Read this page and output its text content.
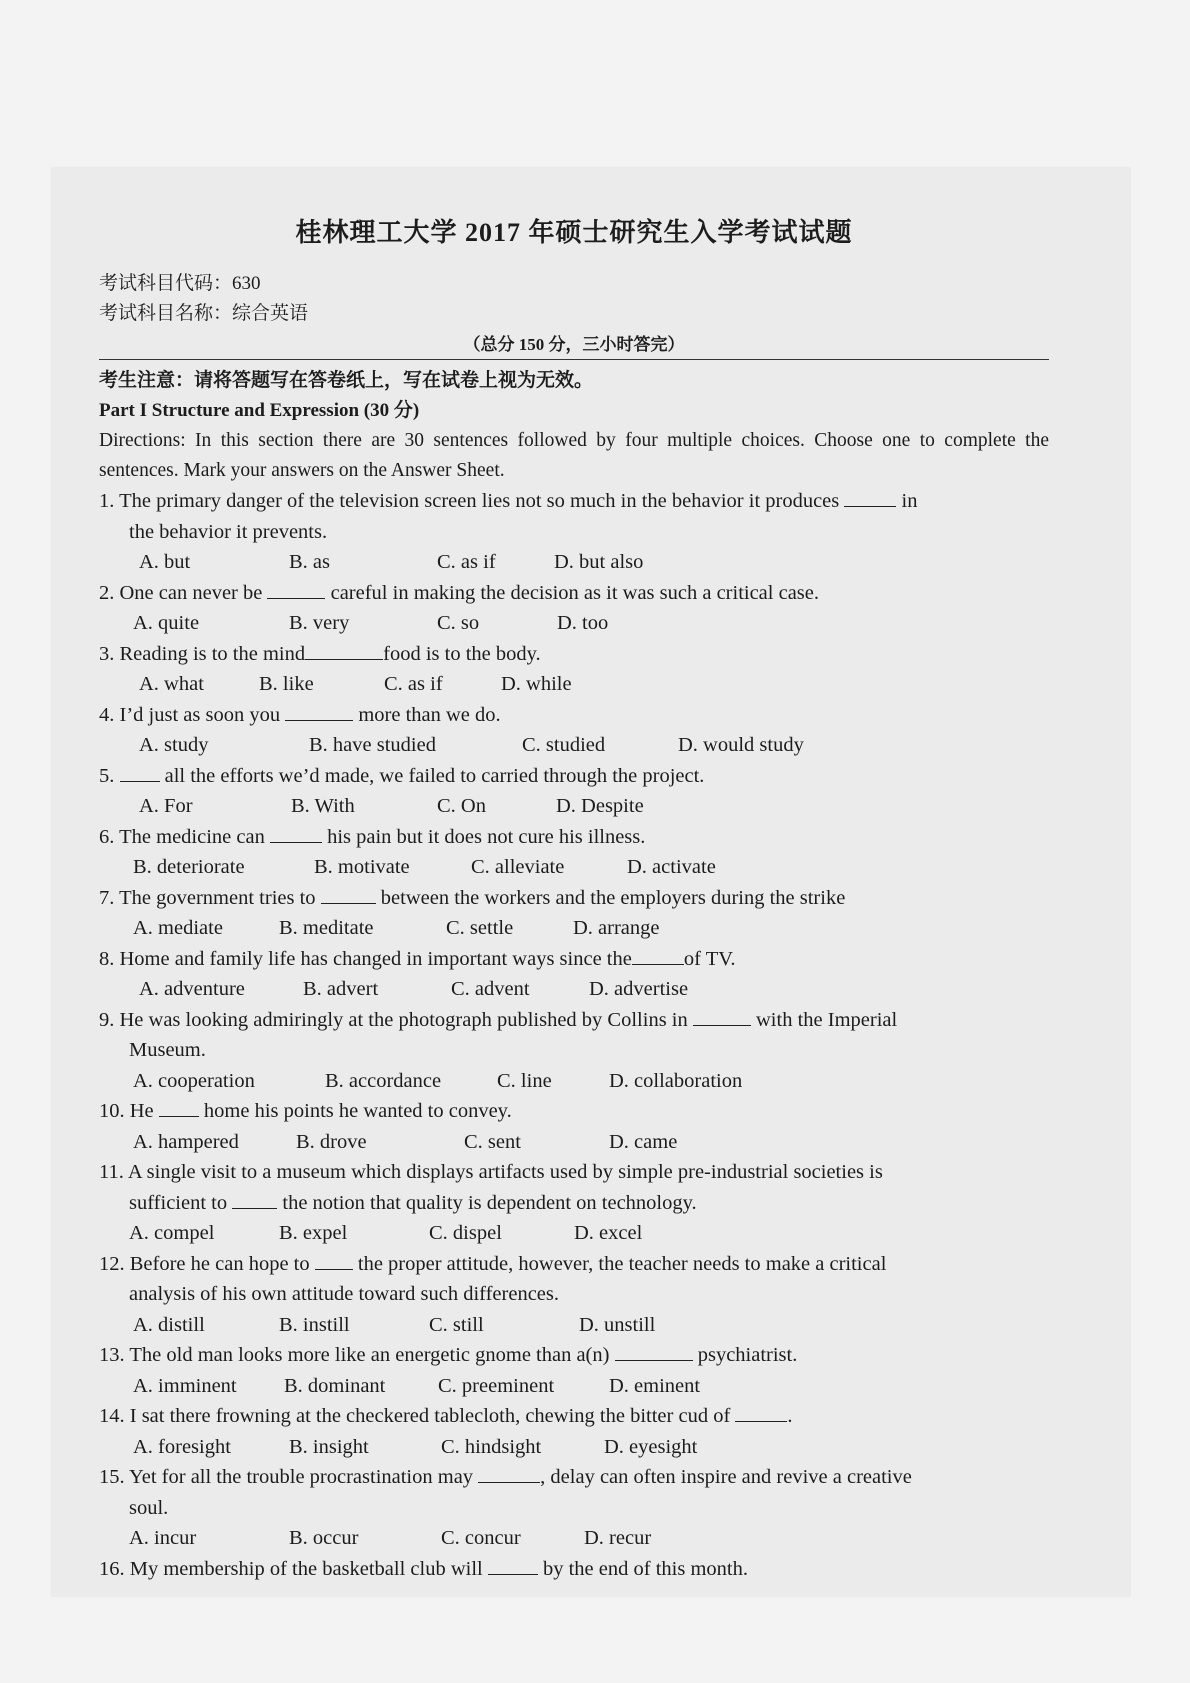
桂林理工大学 2017 年硕士研究生入学考试试题
考试科目代码：630
考试科目名称：综合英语
（总分 150 分，三小时答完）
考生注意：请将答题写在答卷纸上，写在试卷上视为无效。
Part I Structure and Expression (30 分)
Directions: In this section there are 30 sentences followed by four multiple choices. Choose one to complete the sentences. Mark your answers on the Answer Sheet.
1. The primary danger of the television screen lies not so much in the behavior it produces	in
the behavior it prevents.
A. but	B. as	C. as if	D. but also
2. One can never be	careful in making the decision as it was such a critical case.
A. quite	B. very	C. so	D. too
3. Reading is to the mind	food is to the body.
A. what	B. like	C. as if	D. while
4. I’d just as soon you	more than we do.
A. study	B. have studied	C. studied	D. would study
5.  all the efforts we’d made, we failed to carried through the project.
A. For	B. With	C. On	D. Despite
6. The medicine can	his pain but it does not cure his illness.
B. deteriorate	B. motivate	C. alleviate	D. activate
7. The government tries to	between the workers and the employers during the strike
A. mediate	B. meditate	C. settle	D. arrange
8. Home and family life has changed in important ways since the	of TV.
A. adventure	B. advert	C. advent	D. advertise
9. He was looking admiringly at the photograph published by Collins in	with the Imperial
Museum.
A. cooperation	B. accordance	C. line	D. collaboration
10. He  home his points he wanted to convey.
A. hampered	B. drove	C. sent	D. came
11. A single visit to a museum which displays artifacts used by simple pre-industrial societies is
sufficient to  the notion that quality is dependent on technology.
A. compel	B. expel	C. dispel	D. excel
12. Before he can hope to  the proper attitude, however, the teacher needs to make a critical
analysis of his own attitude toward such differences.
A. distill	B. instill	C. still	D. unstill
13. The old man looks more like an energetic gnome than a(n)	psychiatrist.
A. imminent B. dominant	C. preeminent	D. eminent
14. I sat there frowning at the checkered tablecloth, chewing the bitter cud of	.
A. foresight	B. insight	C. hindsight	D. eyesight
15. Yet for all the trouble procrastination may	, delay can often inspire and revive a creative
soul.
A. incur	B. occur	C. concur	D. recur
16. My membership of the basketball club will  by the end of this month.
